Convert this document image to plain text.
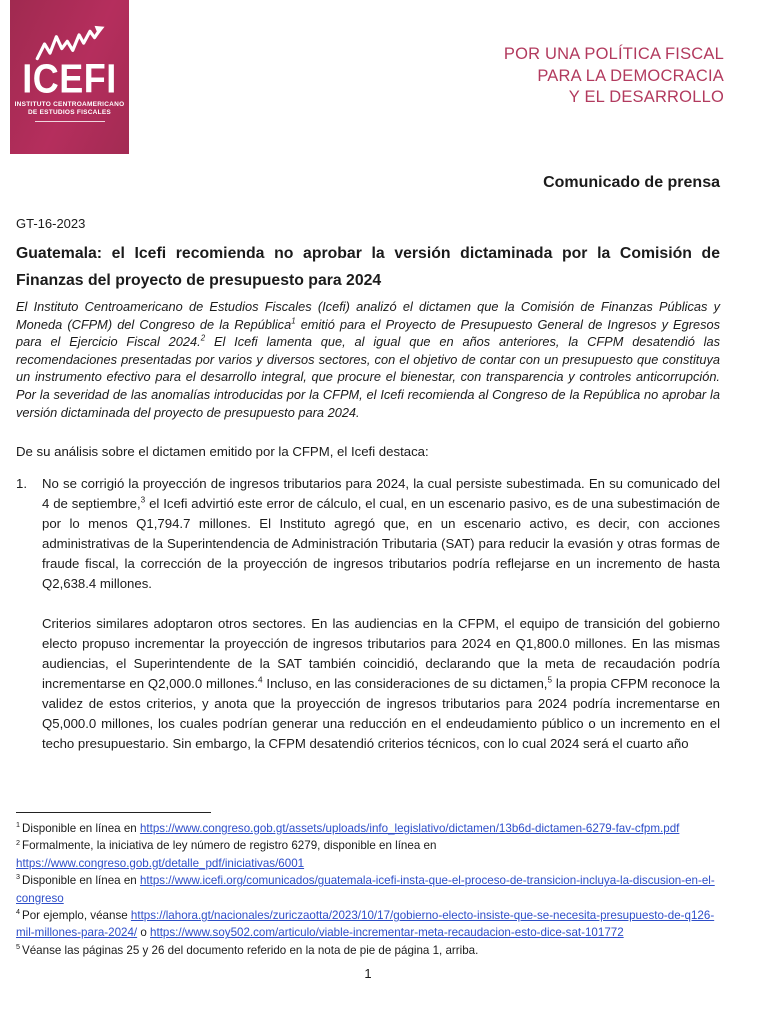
ICEFI
INSTITUTO CENTROAMERICANO
DE ESTUDIOS FISCALES
POR UNA POLÍTICA FISCAL
PARA LA DEMOCRACIA
Y EL DESARROLLO
Comunicado de prensa
GT-16-2023
Guatemala: el Icefi recomienda no aprobar la versión dictaminada por la Comisión de Finanzas del proyecto de presupuesto para 2024

El Instituto Centroamericano de Estudios Fiscales (Icefi) analizó el dictamen que la Comisión de Finanzas Públicas y Moneda (CFPM) del Congreso de la República$^1$ emitió para el Proyecto de Presupuesto General de Ingresos y Egresos para el Ejercicio Fiscal 2024.$^2$ El Icefi lamenta que, al igual que en años anteriores, la CFPM desatendió las recomendaciones presentadas por varios y diversos sectores, con el objetivo de contar con un presupuesto que constituya un instrumento efectivo para el desarrollo integral, que procure el bienestar, con transparencia y controles anticorrupción. Por la severidad de las anomalías introducidas por la CFPM, el Icefi recomienda al Congreso de la República no aprobar la versión dictaminada del proyecto de presupuesto para 2024.

De su análisis sobre el dictamen emitido por la CFPM, el Icefi destaca:

1. No se corrigió la proyección de ingresos tributarios para 2024, la cual persiste subestimada. En su comunicado del 4 de septiembre,$^3$ el Icefi advirtió este error de cálculo, el cual, en un escenario pasivo, es de una subestimación de por lo menos Q1,794.7 millones. El Instituto agregó que, en un escenario activo, es decir, con acciones administrativas de la Superintendencia de Administración Tributaria (SAT) para reducir la evasión y otras formas de fraude fiscal, la corrección de la proyección de ingresos tributarios podría reflejarse en un incremento de hasta Q2,638.4 millones.

Criterios similares adoptaron otros sectores. En las audiencias en la CFPM, el equipo de transición del gobierno electo propuso incrementar la proyección de ingresos tributarios para 2024 en Q1,800.0 millones. En las mismas audiencias, el Superintendente de la SAT también coincidió, declarando que la meta de recaudación podría incrementarse en Q2,000.0 millones.$^4$ Incluso, en las consideraciones de su dictamen,$^5$ la propia CFPM reconoce la validez de estos criterios, y anota que la proyección de ingresos tributarios para 2024 podría incrementarse en Q5,000.0 millones, los cuales podrían generar una reducción en el endeudamiento público o un incremento en el techo presupuestario. Sin embargo, la CFPM desatendió criterios técnicos, con lo cual 2024 será el cuarto año

$^1$ Disponible en línea en https://www.congreso.gob.gt/assets/uploads/info_legislativo/dictamen/13b6d-dictamen-6279-fav-cfpm.pdf
$^2$ Formalmente, la iniciativa de ley número de registro 6279, disponible en línea en https://www.congreso.gob.gt/detalle_pdf/iniciativas/6001
$^3$ Disponible en línea en https://www.icefi.org/comunicados/guatemala-icefi-insta-que-el-proceso-de-transicion-incluya-la-discusion-en-el-congreso
$^4$ Por ejemplo, véanse https://lahora.gt/nacionales/zuriczaotta/2023/10/17/gobierno-electo-insiste-que-se-necesita-presupuesto-de-q126-mil-millones-para-2024/ o https://www.soy502.com/articulo/viable-incrementar-meta-recaudacion-esto-dice-sat-101772
$^5$ Véanse las páginas 25 y 26 del documento referido en la nota de pie de página 1, arriba.
1
